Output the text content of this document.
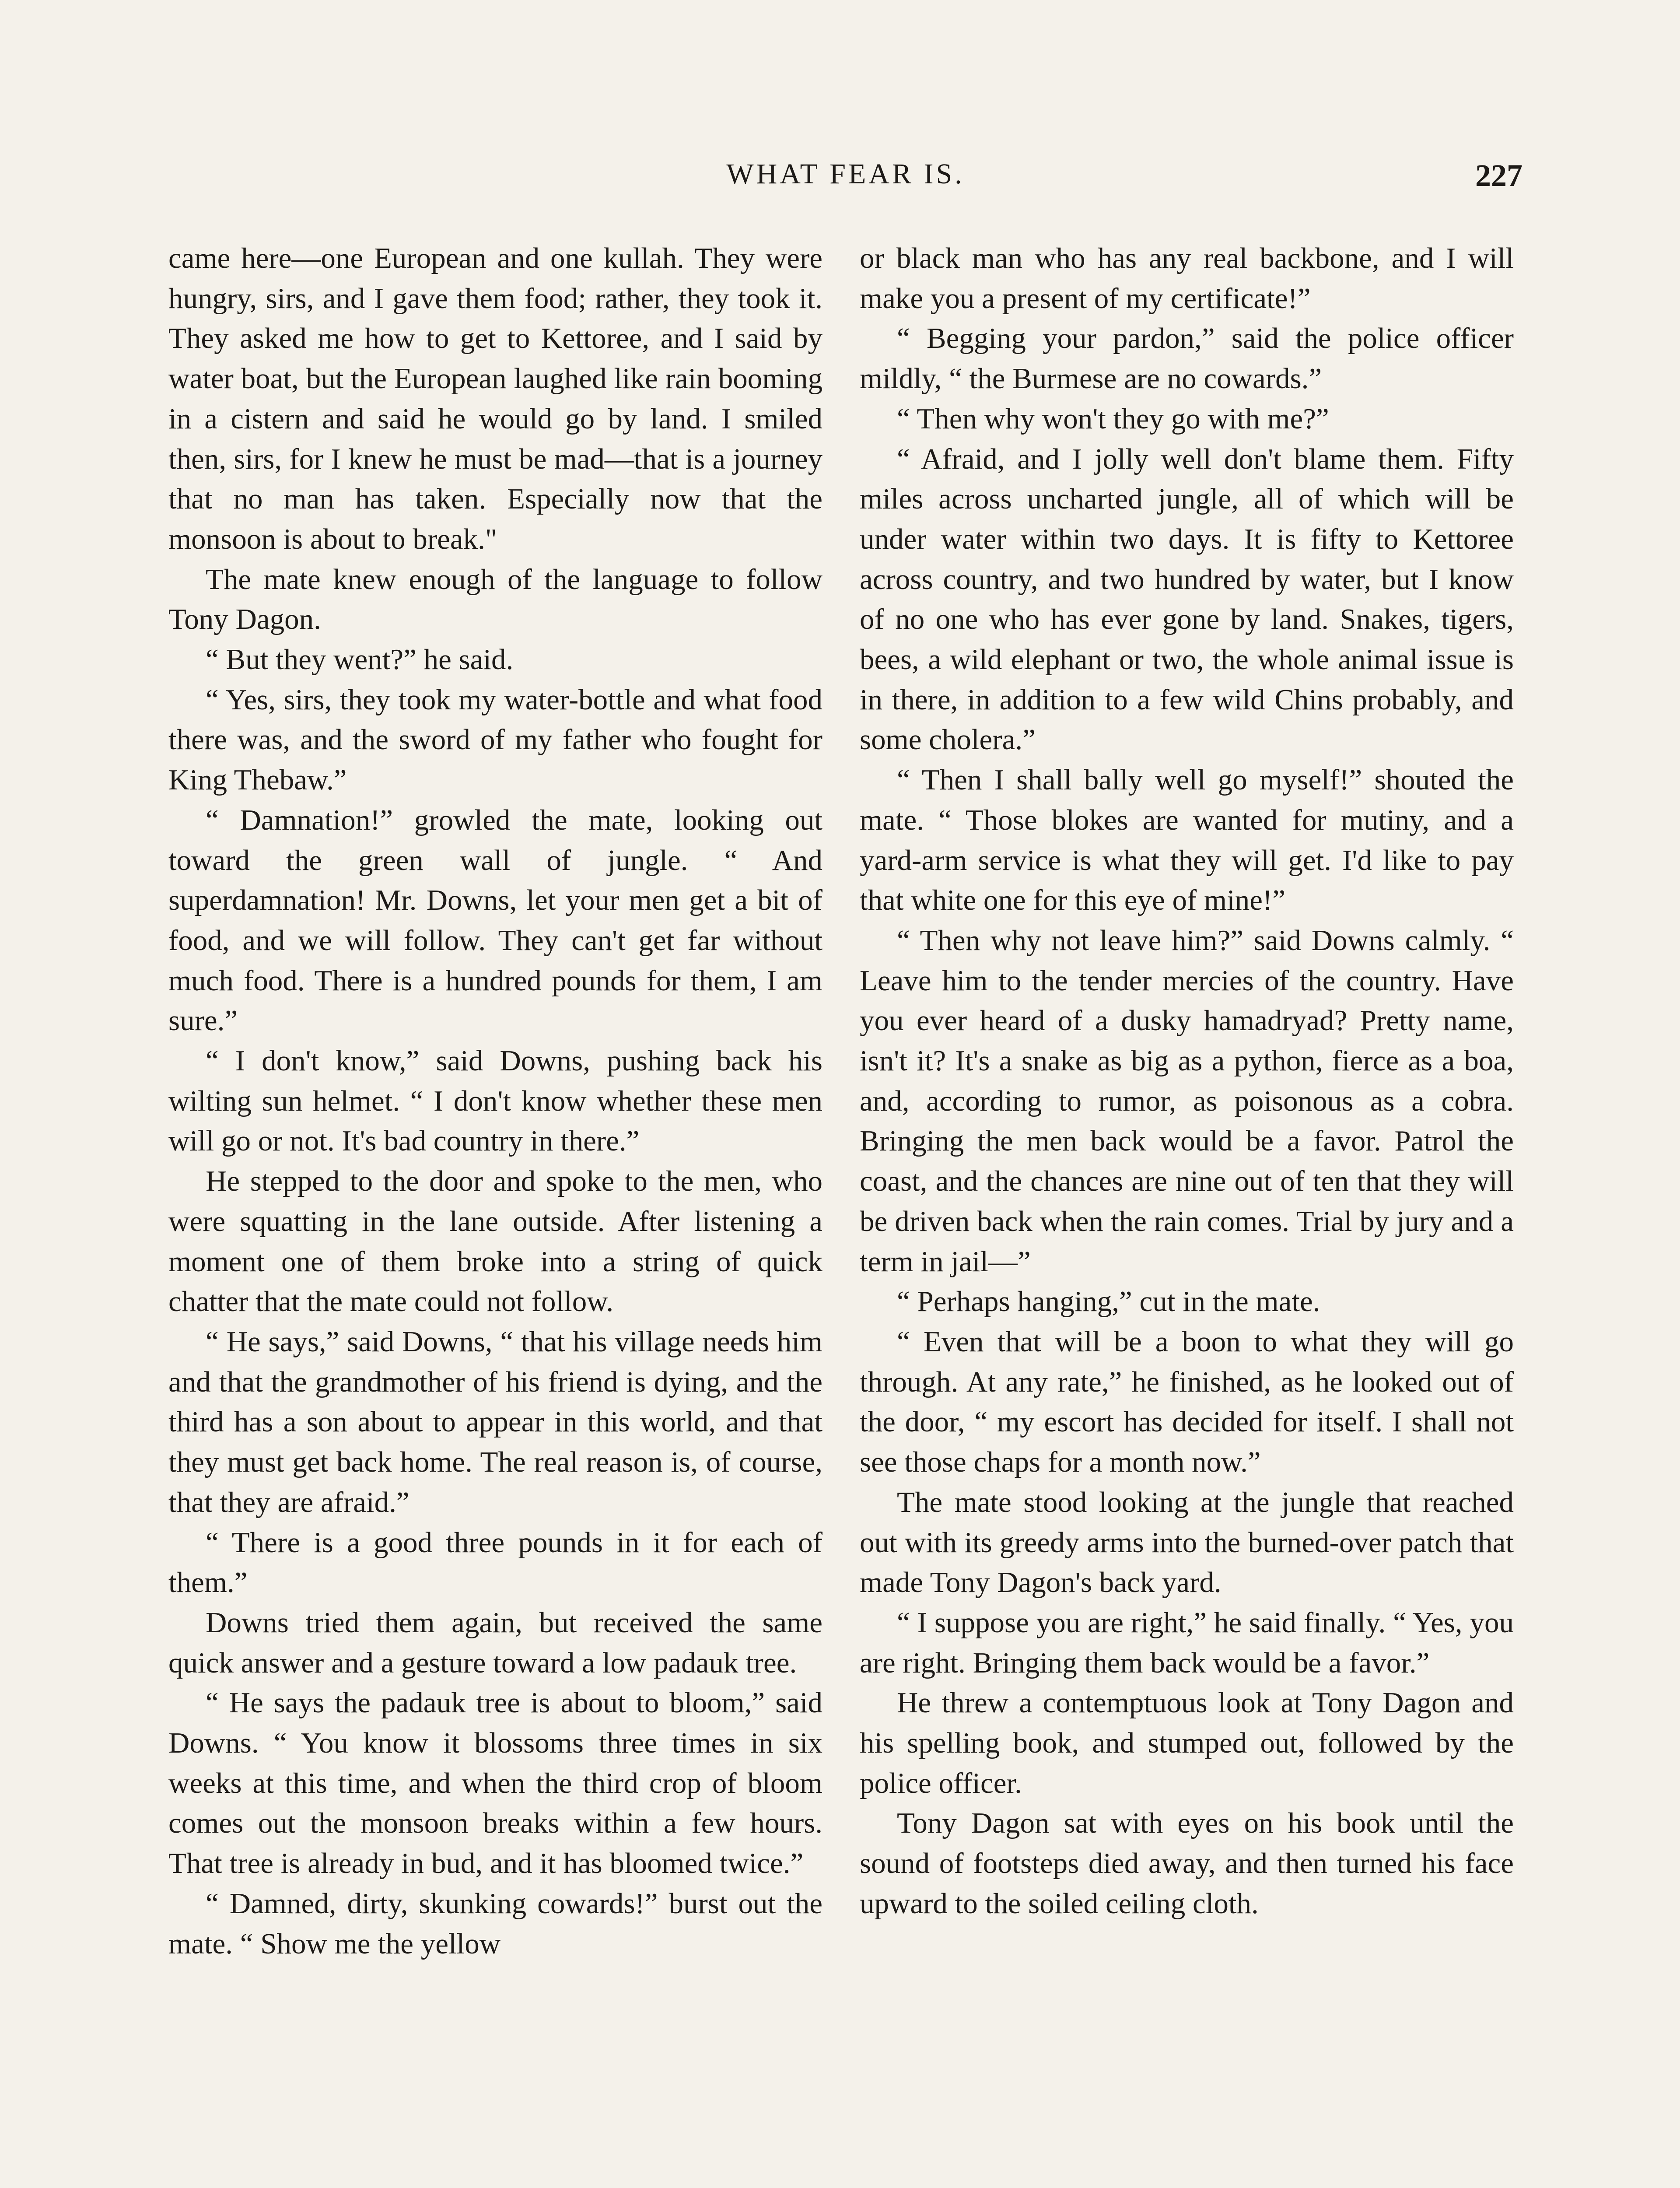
WHAT FEAR IS.	227

came here—one European and one kullah. They were hungry, sirs, and I gave them food; rather, they took it. They asked me how to get to Kettoree, and I said by water boat, but the European laughed like rain booming in a cistern and said he would go by land. I smiled then, sirs, for I knew he must be mad—that is a journey that no man has taken. Especially now that the monsoon is about to break."

The mate knew enough of the language to follow Tony Dagon.

“ But they went?” he said.

“ Yes, sirs, they took my water-bottle and what food there was, and the sword of my father who fought for King Thebaw.”

“ Damnation!” growled the mate, looking out toward the green wall of jungle. “ And superdamnation! Mr. Downs, let your men get a bit of food, and we will follow. They can't get far without much food. There is a hundred pounds for them, I am sure.”

“ I don't know,” said Downs, pushing back his wilting sun helmet. “ I don't know whether these men will go or not. It's bad country in there.”

He stepped to the door and spoke to the men, who were squatting in the lane outside. After listening a moment one of them broke into a string of quick chatter that the mate could not follow.

“ He says,” said Downs, “ that his village needs him and that the grandmother of his friend is dying, and the third has a son about to appear in this world, and that they must get back home. The real reason is, of course, that they are afraid.”

“ There is a good three pounds in it for each of them.”

Downs tried them again, but received the same quick answer and a gesture toward a low padauk tree.

“ He says the padauk tree is about to bloom,” said Downs. “ You know it blossoms three times in six weeks at this time, and when the third crop of bloom comes out the monsoon breaks within a few hours. That tree is already in bud, and it has bloomed twice.”

“ Damned, dirty, skunking cowards!” burst out the mate. “ Show me the yellow

or black man who has any real backbone, and I will make you a present of my certificate!”

“ Begging your pardon,” said the police officer mildly, “ the Burmese are no cowards.”

“ Then why won't they go with me?”

“ Afraid, and I jolly well don't blame them. Fifty miles across uncharted jungle, all of which will be under water within two days. It is fifty to Kettoree across country, and two hundred by water, but I know of no one who has ever gone by land. Snakes, tigers, bees, a wild elephant or two, the whole animal issue is in there, in addition to a few wild Chins probably, and some cholera.”

“ Then I shall bally well go myself!” shouted the mate. “ Those blokes are wanted for mutiny, and a yard-arm service is what they will get. I'd like to pay that white one for this eye of mine!”

“ Then why not leave him?” said Downs calmly. “ Leave him to the tender mercies of the country. Have you ever heard of a dusky hamadryad? Pretty name, isn't it? It's a snake as big as a python, fierce as a boa, and, according to rumor, as poisonous as a cobra. Bringing the men back would be a favor. Patrol the coast, and the chances are nine out of ten that they will be driven back when the rain comes. Trial by jury and a term in jail—”

“ Perhaps hanging,” cut in the mate.

“ Even that will be a boon to what they will go through. At any rate,” he finished, as he looked out of the door, “ my escort has decided for itself. I shall not see those chaps for a month now.”

The mate stood looking at the jungle that reached out with its greedy arms into the burned-over patch that made Tony Dagon's back yard.

“ I suppose you are right,” he said finally. “ Yes, you are right. Bringing them back would be a favor.”

He threw a contemptuous look at Tony Dagon and his spelling book, and stumped out, followed by the police officer.

Tony Dagon sat with eyes on his book until the sound of footsteps died away, and then turned his face upward to the soiled ceiling cloth.
